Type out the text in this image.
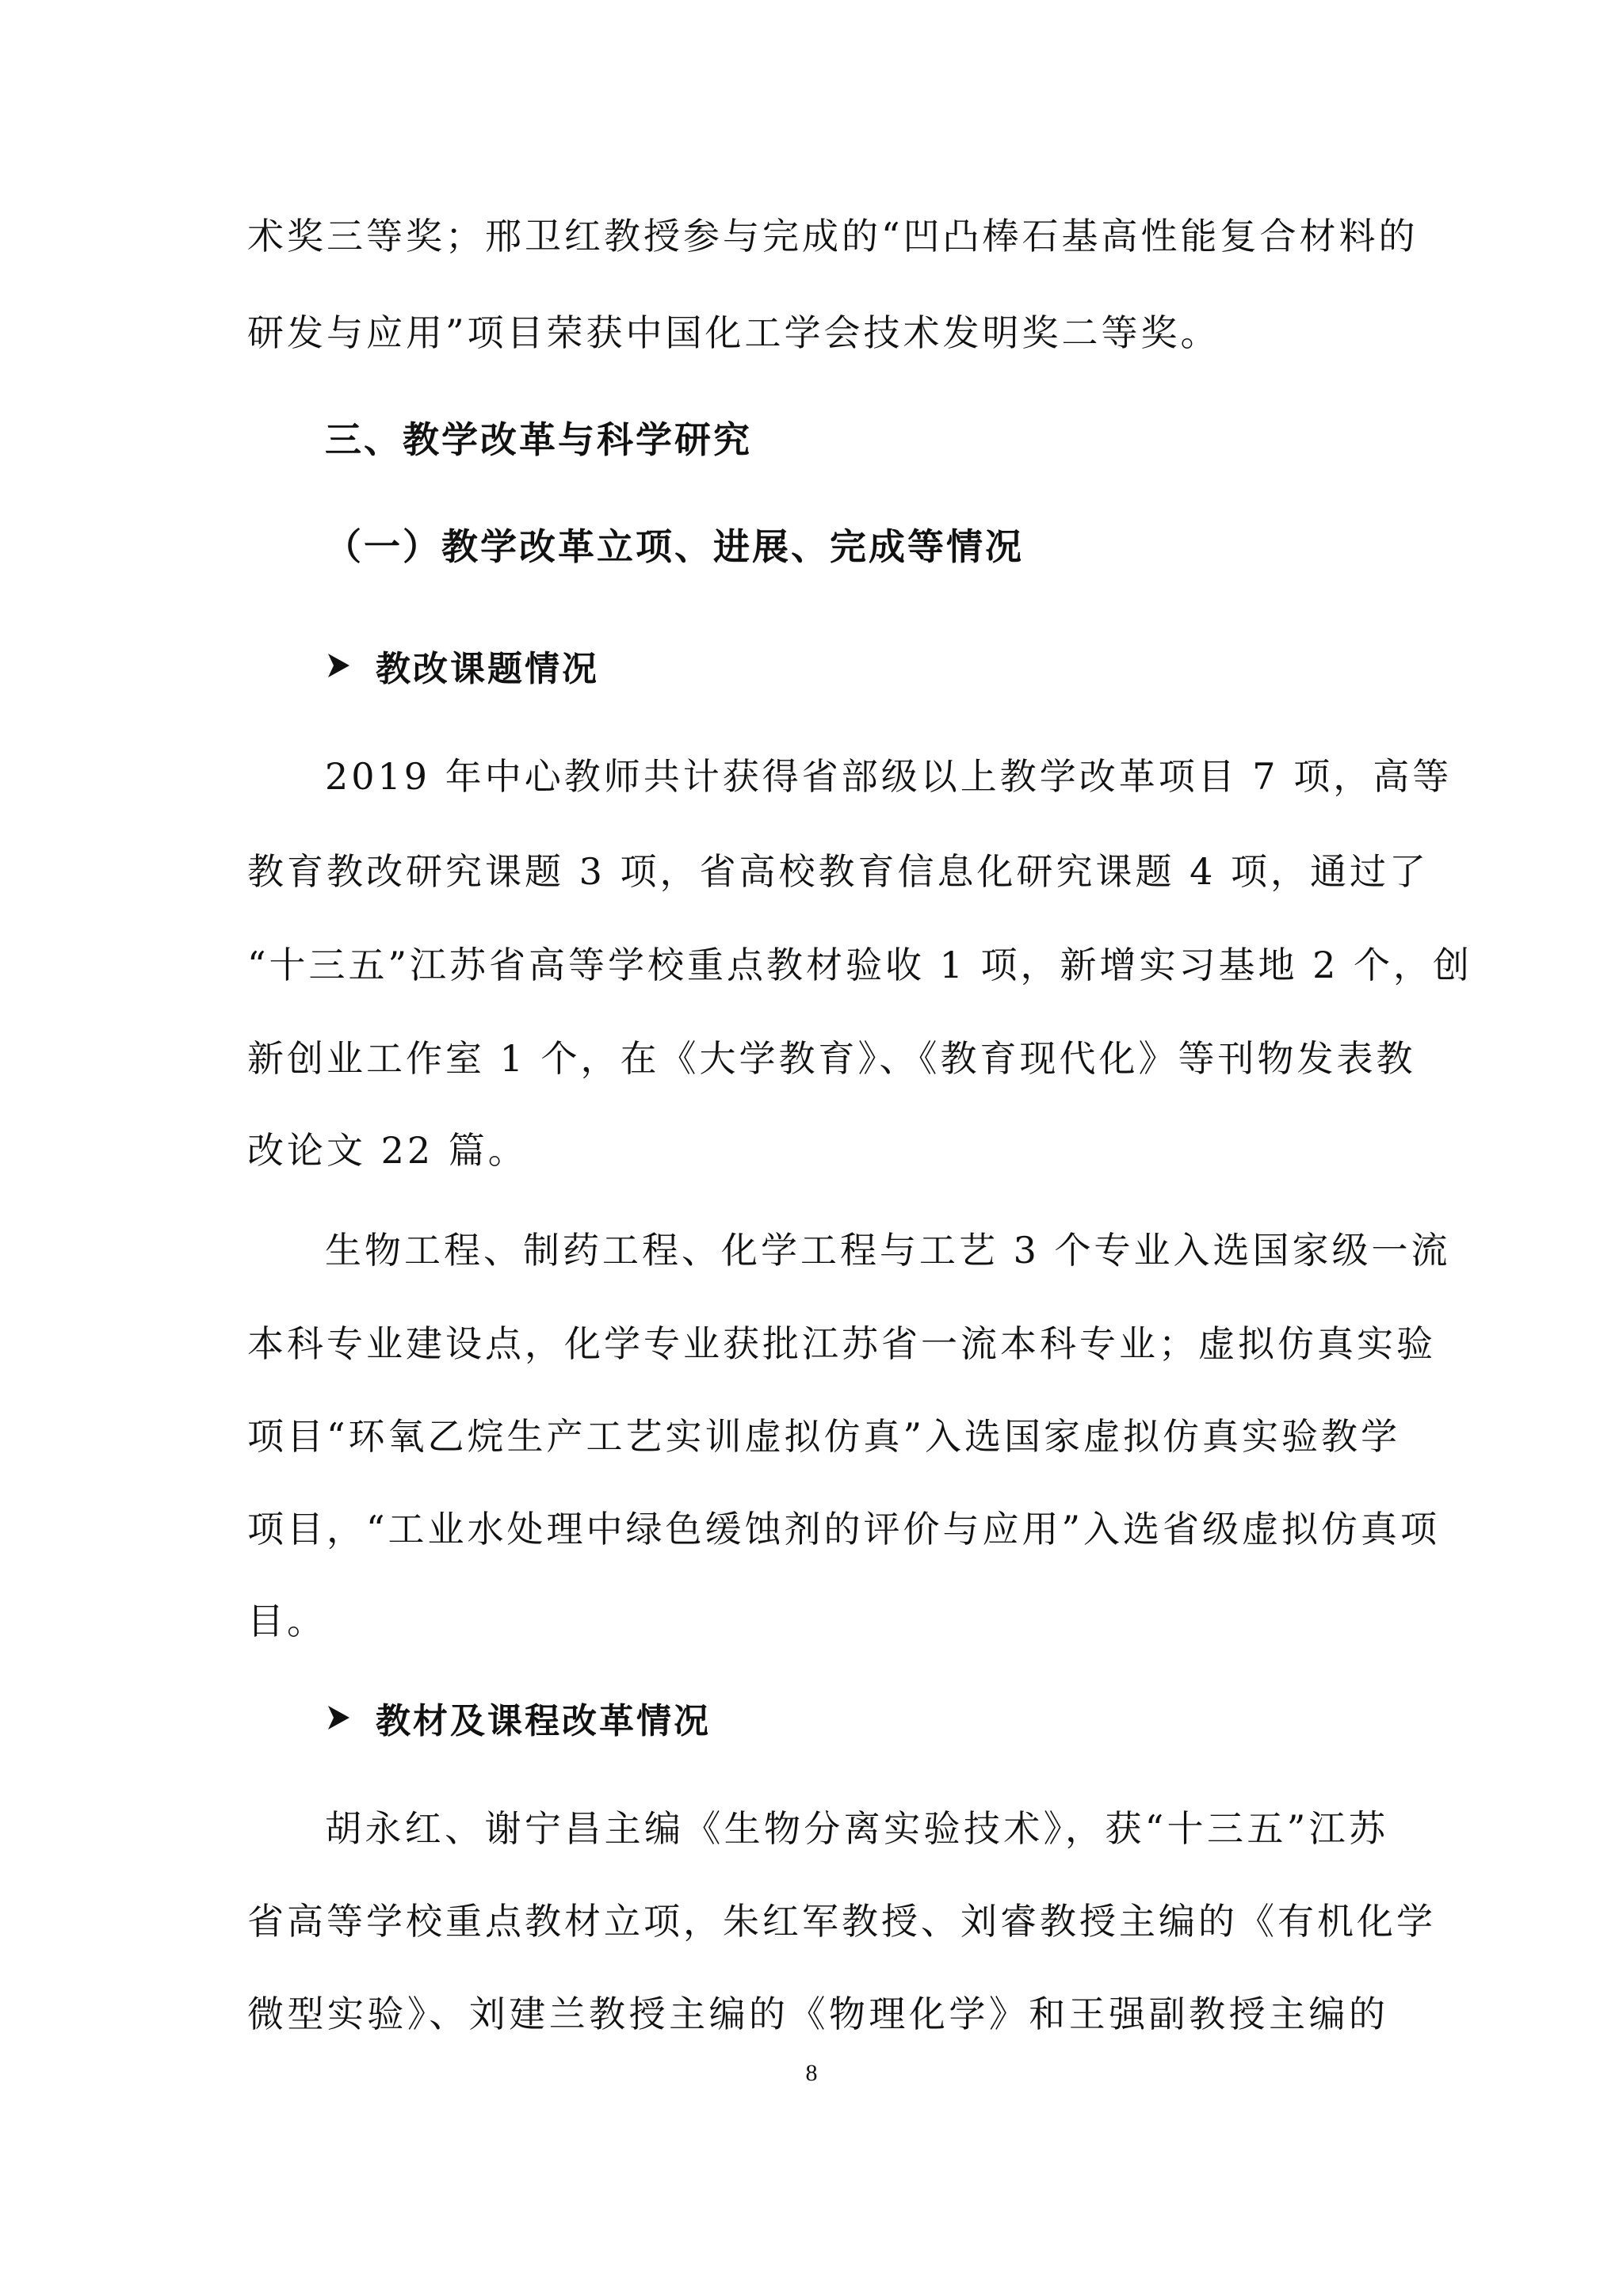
术奖三等奖；邢卫红教授参与完成的“凹凸棒石基高性能复合材料的
研发与应用”项目荣获中国化工学会技术发明奖二等奖。
三、教学改革与科学研究
（一）教学改革立项、进展、完成等情况
教改课题情况
2019 年中心教师共计获得省部级以上教学改革项目 7 项，高等
教育教改研究课题 3 项，省高校教育信息化研究课题 4 项，通过了
“十三五”江苏省高等学校重点教材验收 1 项，新增实习基地 2 个，创
新创业工作室 1 个，在《大学教育》、《教育现代化》等刊物发表教
改论文 22 篇。
生物工程、制药工程、化学工程与工艺 3 个专业入选国家级一流
本科专业建设点，化学专业获批江苏省一流本科专业；虚拟仿真实验
项目“环氧乙烷生产工艺实训虚拟仿真”入选国家虚拟仿真实验教学
项目，“工业水处理中绿色缓蚀剂的评价与应用”入选省级虚拟仿真项
目。
教材及课程改革情况
胡永红、谢宁昌主编《生物分离实验技术》，获“十三五”江苏
省高等学校重点教材立项，朱红军教授、刘睿教授主编的《有机化学
微型实验》、刘建兰教授主编的《物理化学》和王强副教授主编的
8
